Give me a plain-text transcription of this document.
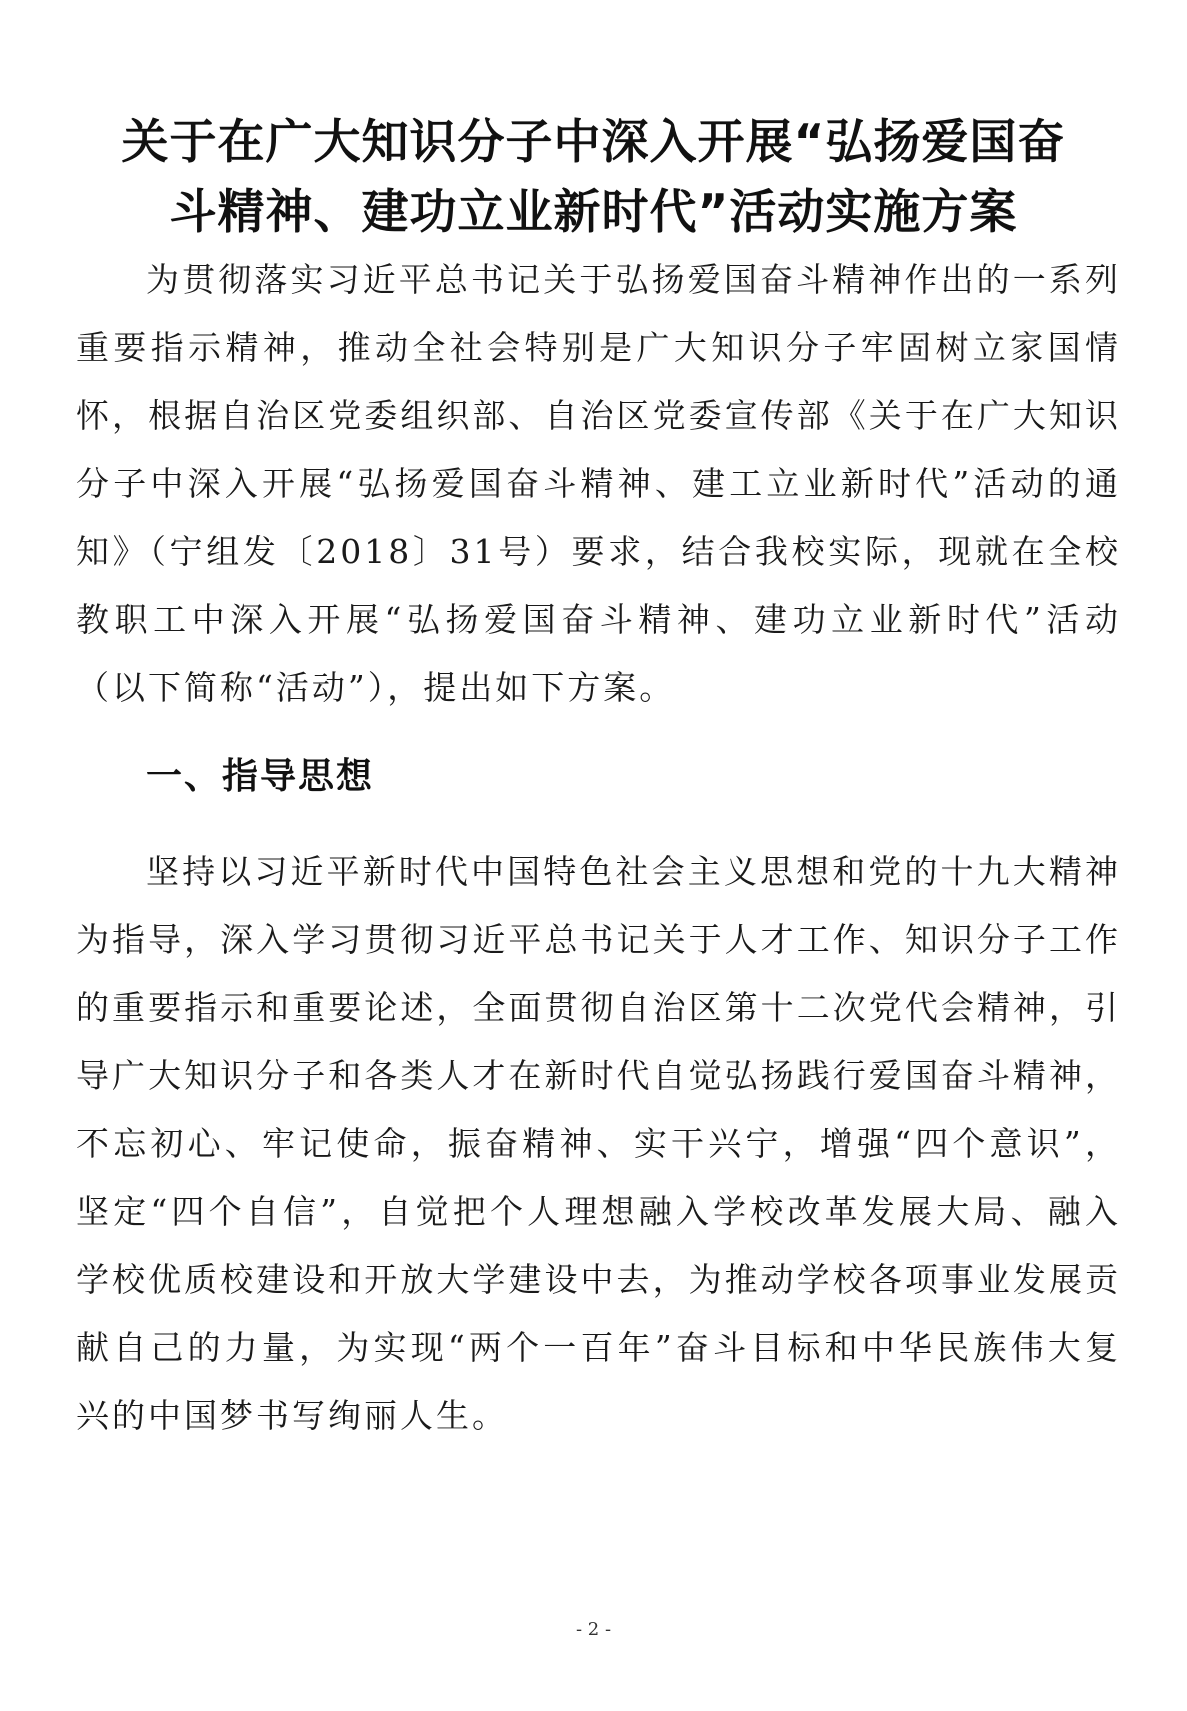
关于在广大知识分子中深入开展“弘扬爱国奋
斗精神、建功立业新时代”活动实施方案

为贯彻落实习近平总书记关于弘扬爱国奋斗精神作出的一系列重要指示精神，推动全社会特别是广大知识分子牢固树立家国情怀，根据自治区党委组织部、自治区党委宣传部《关于在广大知识分子中深入开展“弘扬爱国奋斗精神、建工立业新时代”活动的通知》（宁组发〔2018〕31号）要求，结合我校实际，现就在全校教职工中深入开展“弘扬爱国奋斗精神、建功立业新时代”活动（以下简称“活动”），提出如下方案。

一、指导思想

坚持以习近平新时代中国特色社会主义思想和党的十九大精神为指导，深入学习贯彻习近平总书记关于人才工作、知识分子工作的重要指示和重要论述，全面贯彻自治区第十二次党代会精神，引导广大知识分子和各类人才在新时代自觉弘扬践行爱国奋斗精神，不忘初心、牢记使命，振奋精神、实干兴宁，增强“四个意识”，坚定“四个自信”，自觉把个人理想融入学校改革发展大局、融入学校优质校建设和开放大学建设中去，为推动学校各项事业发展贡献自己的力量，为实现“两个一百年”奋斗目标和中华民族伟大复兴的中国梦书写绚丽人生。

- 2 -
